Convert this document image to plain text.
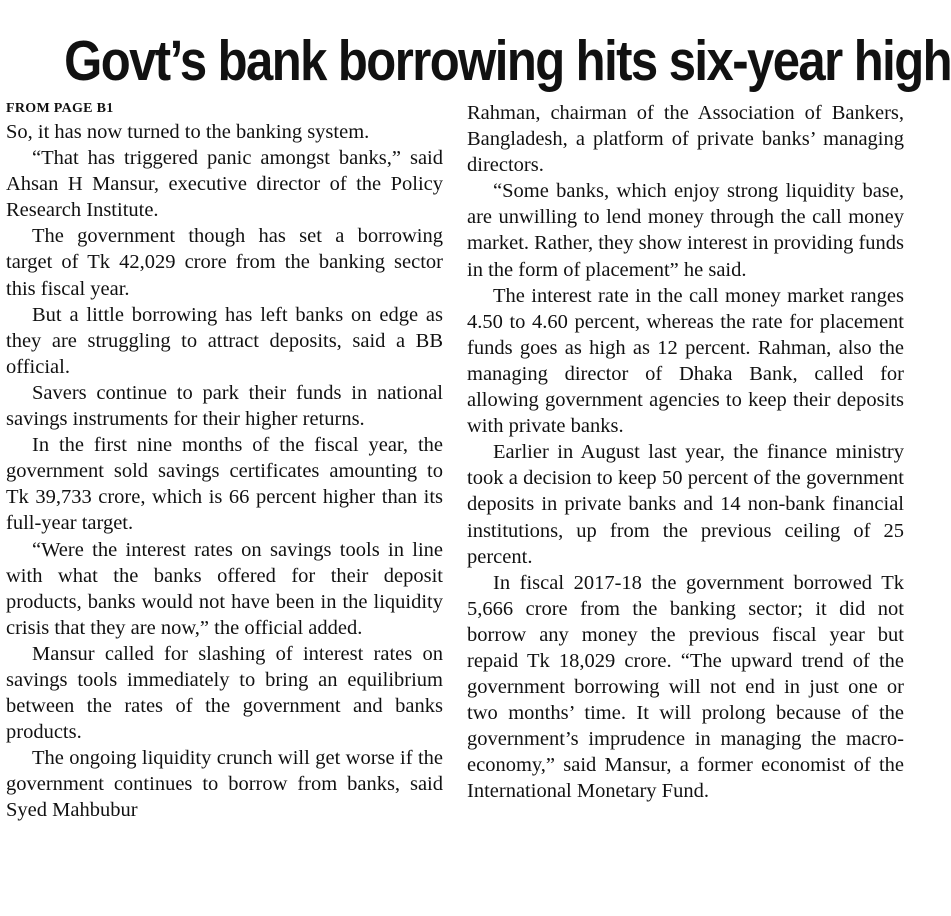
Govt’s bank borrowing hits six-year high
FROM PAGE B1

So, it has now turned to the banking system.

“That has triggered panic amongst banks,” said Ahsan H Mansur, executive director of the Policy Research Institute.

The government though has set a borrowing target of Tk 42,029 crore from the banking sector this fiscal year.

But a little borrowing has left banks on edge as they are struggling to attract deposits, said a BB official.

Savers continue to park their funds in national savings instruments for their higher returns.

In the first nine months of the fiscal year, the government sold savings certificates amounting to Tk 39,733 crore, which is 66 percent higher than its full-year target.

“Were the interest rates on savings tools in line with what the banks offered for their deposit products, banks would not have been in the liquidity crisis that they are now,” the official added.

Mansur called for slashing of interest rates on savings tools immediately to bring an equilibrium between the rates of the government and banks products.

The ongoing liquidity crunch will get worse if the government continues to borrow from banks, said Syed Mahbubur

Rahman, chairman of the Association of Bankers, Bangladesh, a platform of private banks’ managing directors.

“Some banks, which enjoy strong liquidity base, are unwilling to lend money through the call money market. Rather, they show interest in providing funds in the form of placement” he said.

The interest rate in the call money market ranges 4.50 to 4.60 percent, whereas the rate for placement funds goes as high as 12 percent. Rahman, also the managing director of Dhaka Bank, called for allowing government agencies to keep their deposits with private banks.

Earlier in August last year, the finance ministry took a decision to keep 50 percent of the government deposits in private banks and 14 non-bank financial institutions, up from the previous ceiling of 25 percent.

In fiscal 2017-18 the government borrowed Tk 5,666 crore from the banking sector; it did not borrow any money the previous fiscal year but repaid Tk 18,029 crore. “The upward trend of the government borrowing will not end in just one or two months’ time. It will prolong because of the government’s imprudence in managing the macro-economy,” said Mansur, a former economist of the International Monetary Fund.
